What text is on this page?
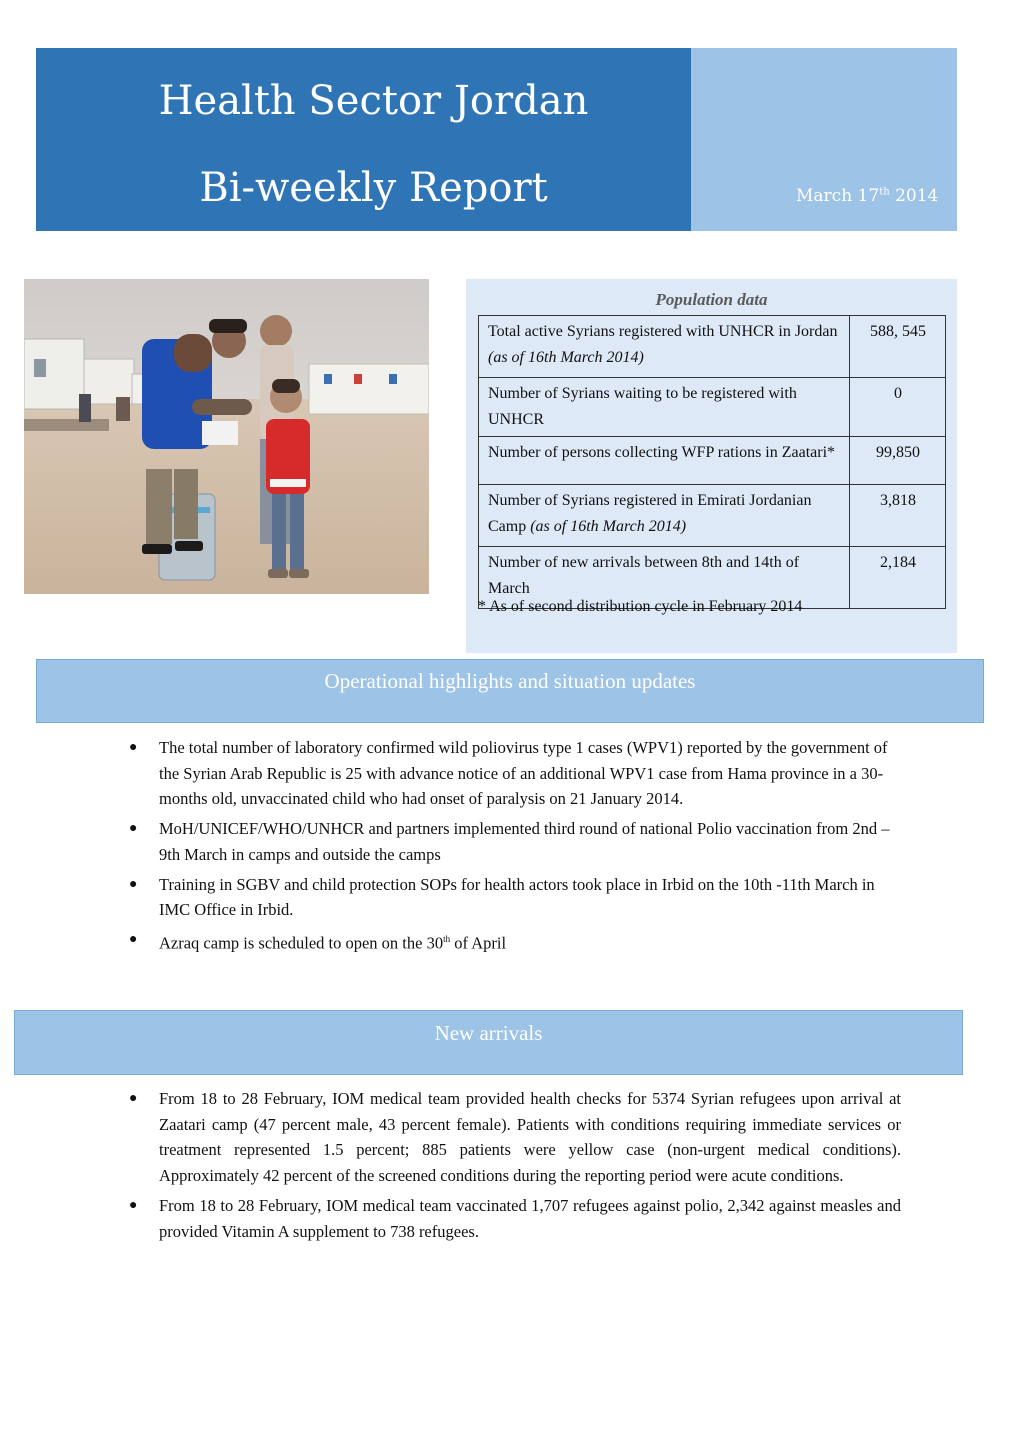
Health Sector Jordan
Bi-weekly Report	March 17th 2014
Population data
Total active Syrians registered with UNHCR in Jordan (as of 16th March 2014)	588, 545
Number of Syrians waiting to be registered with UNHCR	0
Number of persons collecting WFP rations in Zaatari*	99,850
Number of Syrians registered in Emirati Jordanian Camp (as of 16th March 2014)	3,818
Number of new arrivals between 8th and 14th of March	2,184
* As of second distribution cycle in February 2014
Operational highlights and situation updates
● The total number of laboratory confirmed wild poliovirus type 1 cases (WPV1) reported by the government of the Syrian Arab Republic is 25 with advance notice of an additional WPV1 case from Hama province in a 30-months old, unvaccinated child who had onset of paralysis on 21 January 2014.
● MoH/UNICEF/WHO/UNHCR and partners implemented third round of national Polio vaccination from 2nd – 9th March in camps and outside the camps
● Training in SGBV and child protection SOPs for health actors took place in Irbid on the 10th -11th March in IMC Office in Irbid.
● Azraq camp is scheduled to open on the 30th of April
New arrivals
● From 18 to 28 February, IOM medical team provided health checks for 5374 Syrian refugees upon arrival at Zaatari camp (47 percent male, 43 percent female). Patients with conditions requiring immediate services or treatment represented 1.5 percent; 885 patients were yellow case (non-urgent medical conditions). Approximately 42 percent of the screened conditions during the reporting period were acute conditions.
● From 18 to 28 February, IOM medical team vaccinated 1,707 refugees against polio, 2,342 against measles and provided Vitamin A supplement to 738 refugees.
